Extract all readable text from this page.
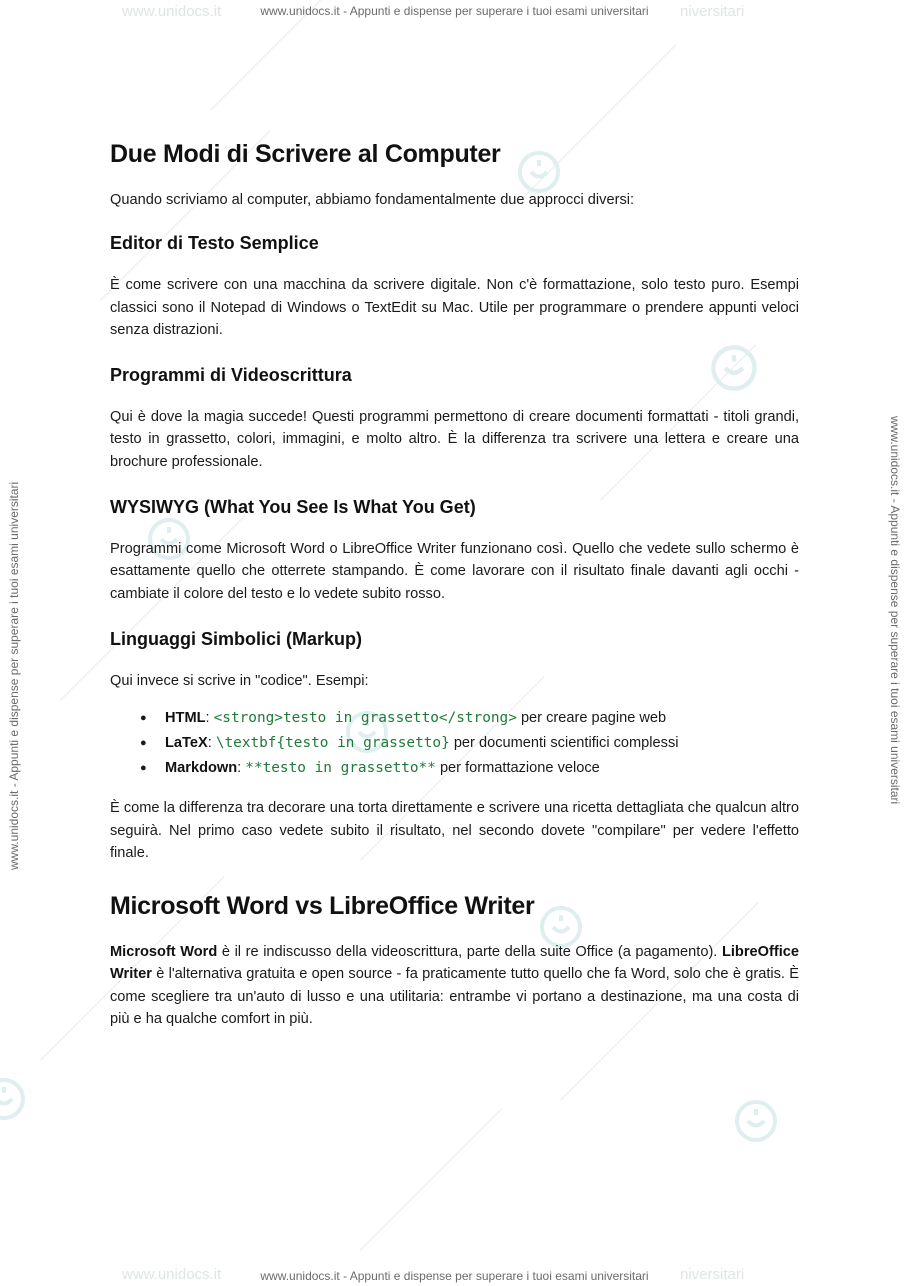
www.unidocs.it	niversitari
www.unidocs.it	niversitari
www.unidocs.it - Appunti e dispense per superare i tuoi esami universitari
www.unidocs.it - Appunti e dispense per superare i tuoi esami universitari
www.unidocs.it - Appunti e dispense per superare i tuoi esami universitari	www.unidocs.it - Appunti e dispense per superare i tuoi esami universitari
Due Modi di Scrivere al Computer

Quando scriviamo al computer, abbiamo fondamentalmente due approcci diversi:

Editor di Testo Semplice

È come scrivere con una macchina da scrivere digitale. Non c'è formattazione, solo testo puro. Esempi classici sono il Notepad di Windows o TextEdit su Mac. Utile per programmare o prendere appunti veloci senza distrazioni.

Programmi di Videoscrittura

Qui è dove la magia succede! Questi programmi permettono di creare documenti formattati - titoli grandi, testo in grassetto, colori, immagini, e molto altro. È la differenza tra scrivere una lettera e creare una brochure professionale.

WYSIWYG (What You See Is What You Get)

Programmi come Microsoft Word o LibreOffice Writer funzionano così. Quello che vedete sullo schermo è esattamente quello che otterrete stampando. È come lavorare con il risultato finale davanti agli occhi - cambiate il colore del testo e lo vedete subito rosso.

Linguaggi Simbolici (Markup)

Qui invece si scrive in "codice". Esempi:

● HTML: <strong>testo in grassetto</strong> per creare pagine web
● LaTeX: \textbf{testo in grassetto} per documenti scientifici complessi
● Markdown: **testo in grassetto** per formattazione veloce

È come la differenza tra decorare una torta direttamente e scrivere una ricetta dettagliata che qualcun altro seguirà. Nel primo caso vedete subito il risultato, nel secondo dovete "compilare" per vedere l'effetto finale.

Microsoft Word vs LibreOffice Writer

Microsoft Word è il re indiscusso della videoscrittura, parte della suite Office (a pagamento). LibreOffice Writer è l'alternativa gratuita e open source - fa praticamente tutto quello che fa Word, solo che è gratis. È come scegliere tra un'auto di lusso e una utilitaria: entrambe vi portano a destinazione, ma una costa di più e ha qualche comfort in più.
